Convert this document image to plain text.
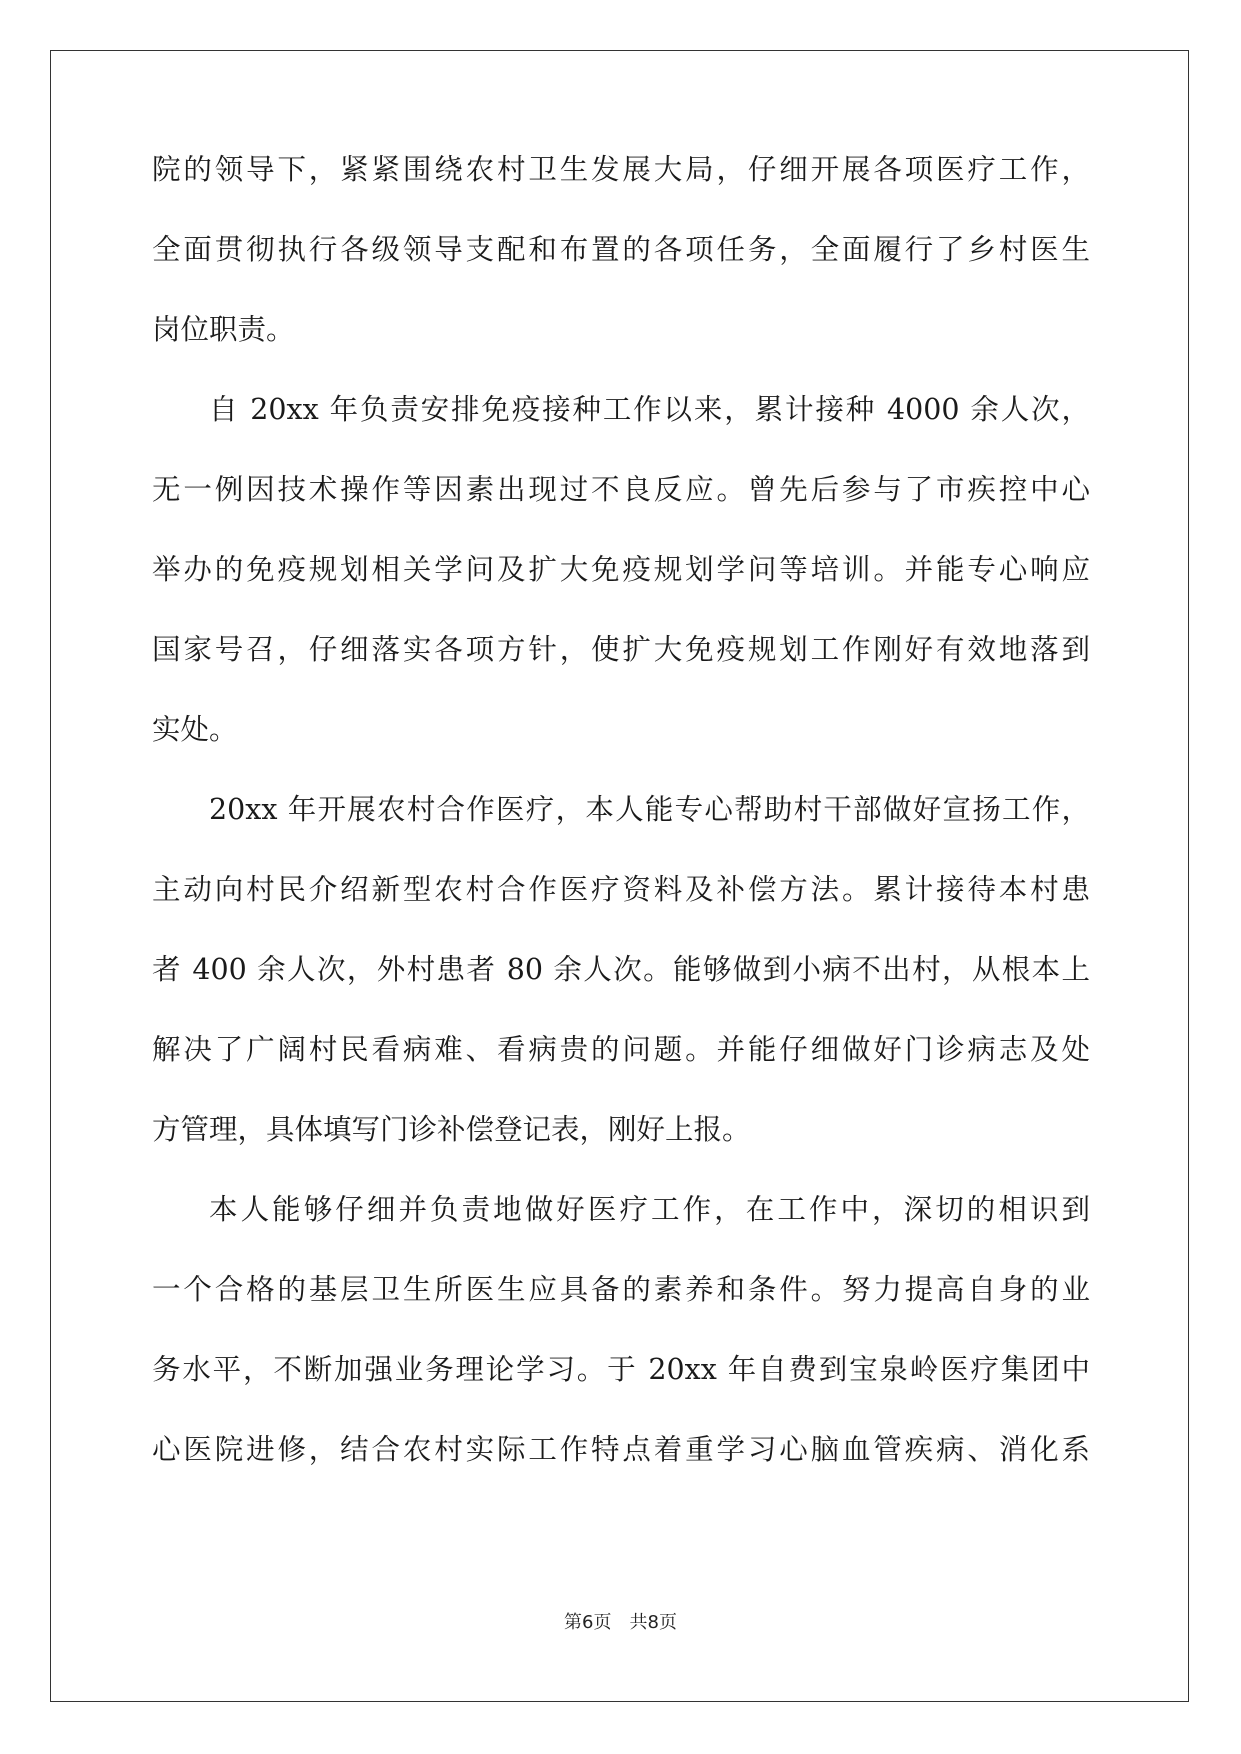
院的领导下，紧紧围绕农村卫生发展大局，仔细开展各项医疗工作，
全面贯彻执行各级领导支配和布置的各项任务，全面履行了乡村医生
岗位职责。
自 20xx 年负责安排免疫接种工作以来，累计接种 4000 余人次，
无一例因技术操作等因素出现过不良反应。曾先后参与了市疾控中心
举办的免疫规划相关学问及扩大免疫规划学问等培训。并能专心响应
国家号召，仔细落实各项方针，使扩大免疫规划工作刚好有效地落到
实处。
20xx 年开展农村合作医疗，本人能专心帮助村干部做好宣扬工作，
主动向村民介绍新型农村合作医疗资料及补偿方法。累计接待本村患
者 400 余人次，外村患者 80 余人次。能够做到小病不出村，从根本上
解决了广阔村民看病难、看病贵的问题。并能仔细做好门诊病志及处
方管理，具体填写门诊补偿登记表，刚好上报。
本人能够仔细并负责地做好医疗工作，在工作中，深切的相识到
一个合格的基层卫生所医生应具备的素养和条件。努力提高自身的业
务水平，不断加强业务理论学习。于 20xx 年自费到宝泉岭医疗集团中
心医院进修，结合农村实际工作特点着重学习心脑血管疾病、消化系
第6页 共8页
